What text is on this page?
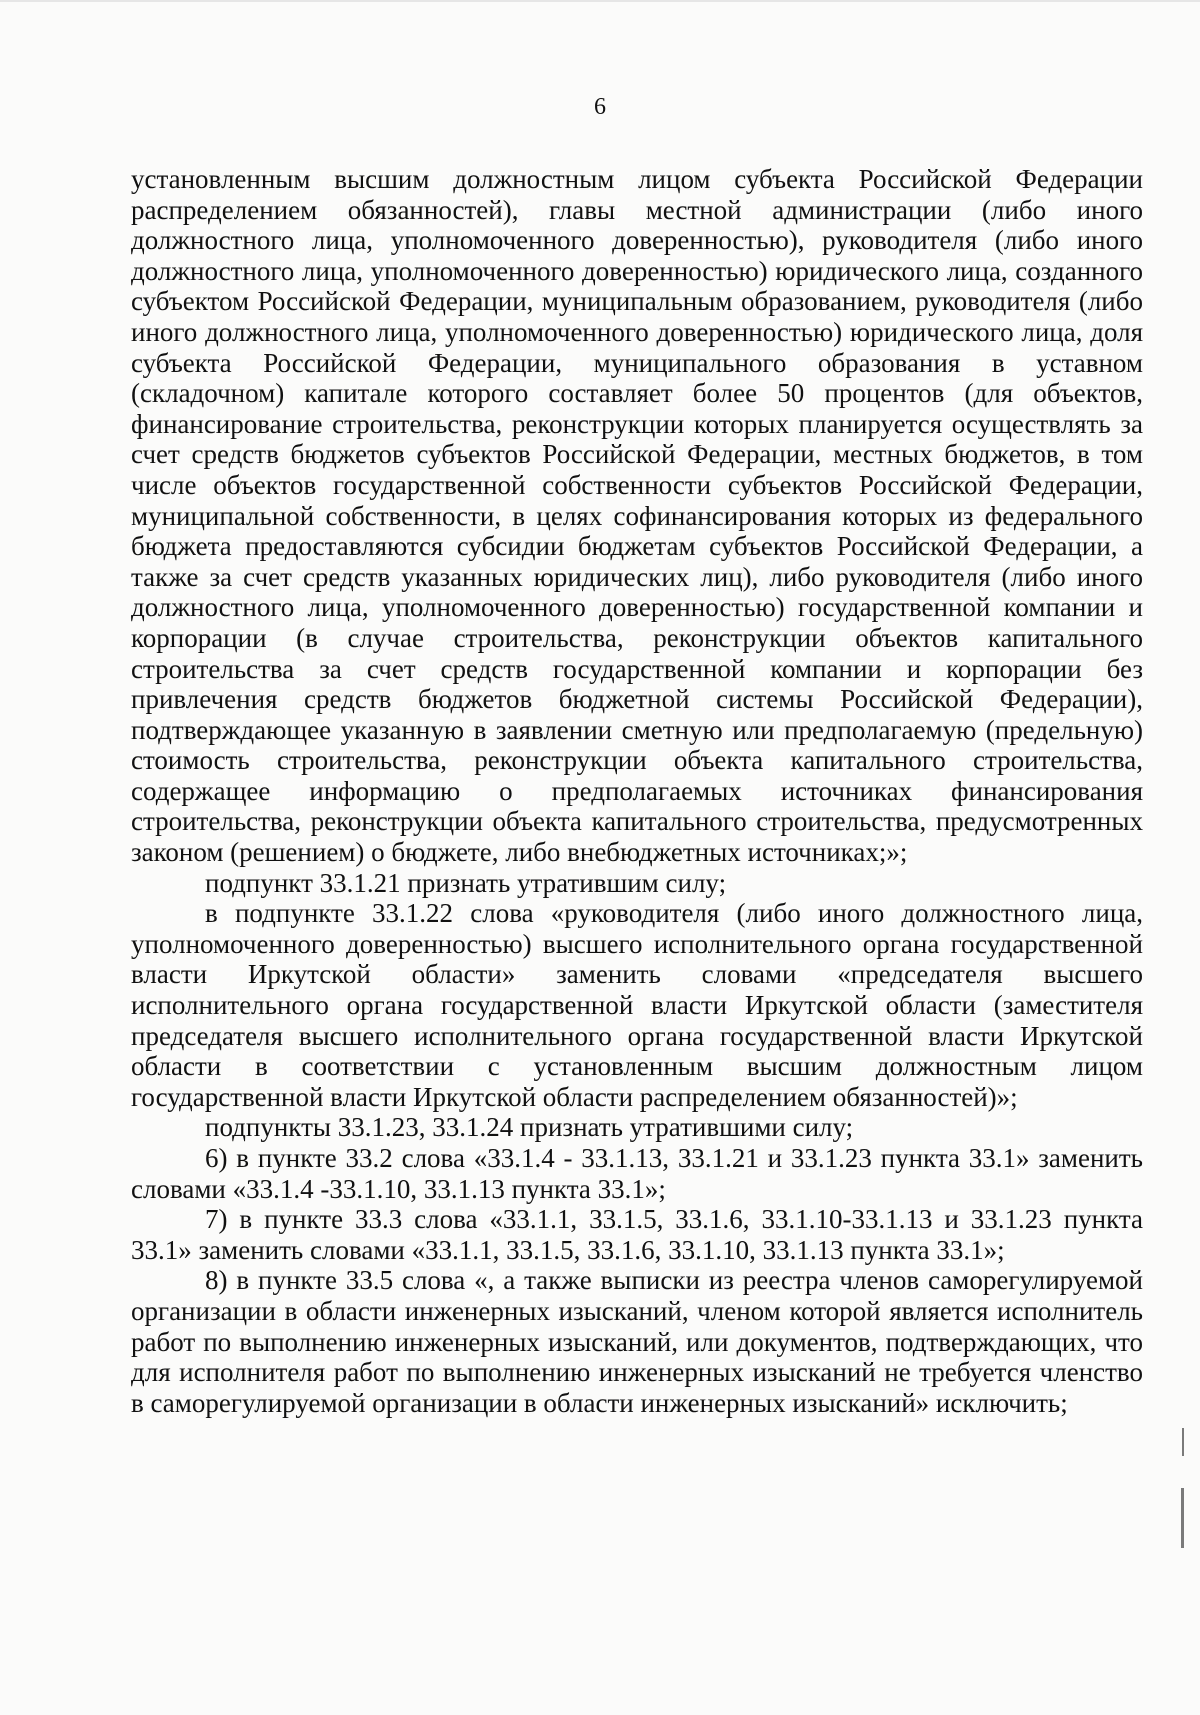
6

установленным высшим должностным лицом субъекта Российской Федерации распределением обязанностей), главы местной администрации (либо иного должностного лица, уполномоченного доверенностью), руководителя (либо иного должностного лица, уполномоченного доверенностью) юридического лица, созданного субъектом Российской Федерации, муниципальным образованием, руководителя (либо иного должностного лица, уполномоченного доверенностью) юридического лица, доля субъекта Российской Федерации, муниципального образования в уставном (складочном) капитале которого составляет более 50 процентов (для объектов, финансирование строительства, реконструкции которых планируется осуществлять за счет средств бюджетов субъектов Российской Федерации, местных бюджетов, в том числе объектов государственной собственности субъектов Российской Федерации, муниципальной собственности, в целях софинансирования которых из федерального бюджета предоставляются субсидии бюджетам субъектов Российской Федерации, а также за счет средств указанных юридических лиц), либо руководителя (либо иного должностного лица, уполномоченного доверенностью) государственной компании и корпорации (в случае строительства, реконструкции объектов капитального строительства за счет средств государственной компании и корпорации без привлечения средств бюджетов бюджетной системы Российской Федерации), подтверждающее указанную в заявлении сметную или предполагаемую (предельную) стоимость строительства, реконструкции объекта капитального строительства, содержащее информацию о предполагаемых источниках финансирования строительства, реконструкции объекта капитального строительства, предусмотренных законом (решением) о бюджете, либо внебюджетных источниках;»;

подпункт 33.1.21 признать утратившим силу;

в подпункте 33.1.22 слова «руководителя (либо иного должностного лица, уполномоченного доверенностью) высшего исполнительного органа государственной власти Иркутской области» заменить словами «председателя высшего исполнительного органа государственной власти Иркутской области (заместителя председателя высшего исполнительного органа государственной власти Иркутской области в соответствии с установленным высшим должностным лицом государственной власти Иркутской области распределением обязанностей)»;

подпункты 33.1.23, 33.1.24 признать утратившими силу;

6) в пункте 33.2 слова «33.1.4 - 33.1.13, 33.1.21 и 33.1.23 пункта 33.1» заменить словами «33.1.4 -33.1.10, 33.1.13 пункта 33.1»;

7) в пункте 33.3 слова «33.1.1, 33.1.5, 33.1.6, 33.1.10-33.1.13 и 33.1.23 пункта 33.1» заменить словами «33.1.1, 33.1.5, 33.1.6, 33.1.10, 33.1.13 пункта 33.1»;

8) в пункте 33.5 слова «, а также выписки из реестра членов саморегулируемой организации в области инженерных изысканий, членом которой является исполнитель работ по выполнению инженерных изысканий, или документов, подтверждающих, что для исполнителя работ по выполнению инженерных изысканий не требуется членство в саморегулируемой организации в области инженерных изысканий» исключить;
